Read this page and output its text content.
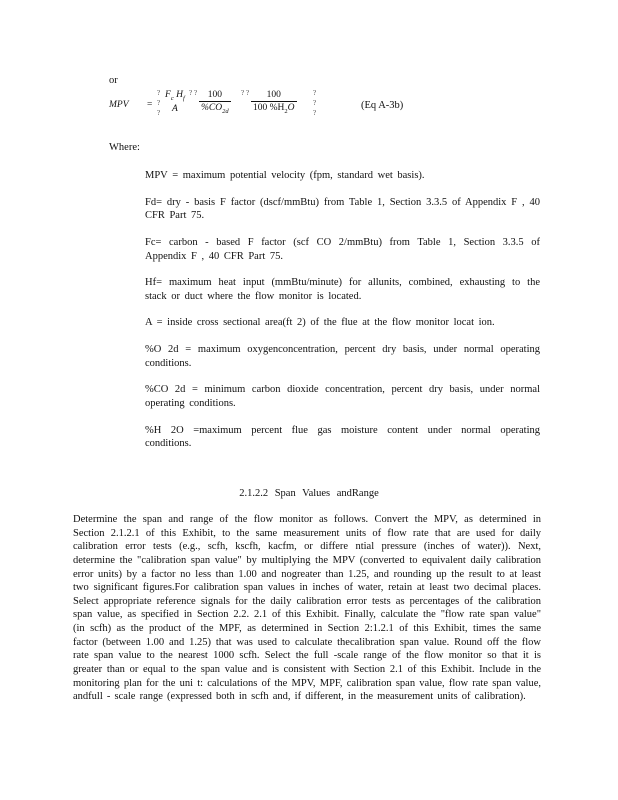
or
MPV =
?
?
?
$F_c$ $H_f$
A
? ? $\frac{100}{\%CO_{2d}}$ ? ? $\frac{100}{100 \%H_2O}$ ?
?
?
(Eq A-3b)
Where:

MPV = maximum potential velocity (fpm, standard wet basis).

Fd= dry - basis F factor (dscf/mmBtu) from Table 1, Section 3.3.5 of Appendix F , 40 CFR Part 75.

Fc= carbon - based F factor (scf CO 2/mmBtu) from Table 1, Section 3.3.5 of Appendix F , 40 CFR Part 75.

Hf= maximum heat input (mmBtu/minute) for allunits, combined, exhausting to the stack or duct where the flow monitor is located.

A = inside cross sectional area(ft 2) of the flue at the flow monitor locat ion.

%O 2d = maximum oxygenconcentration, percent dry basis, under normal operating conditions.

%CO 2d = minimum carbon dioxide concentration, percent dry basis, under normal operating conditions.

%H 2O =maximum percent flue gas moisture content under normal operating conditions.

2.1.2.2 Span Values andRange

Determine the span and range of the flow monitor as follows. Convert the MPV, as determined in Section 2.1.2.1 of this Exhibit, to the same measurement units of flow rate that are used for daily calibration error tests (e.g., scfh, kscfh, kacfm, or differe ntial pressure (inches of water)). Next, determine the "calibration span value" by multiplying the MPV (converted to equivalent daily calibration error units) by a factor no less than 1.00 and nogreater than 1.25, and rounding up the result to at least two significant figures.For calibration span values in inches of water, retain at least two decimal places. Select appropriate reference signals for the daily calibration error tests as percentages of the calibration span value, as specified in Section 2.2. 2.1 of this Exhibit. Finally, calculate the "flow rate span value" (in scfh) as the product of the MPF, as determined in Section 2:1.2.1 of this Exhibit, times the same factor (between 1.00 and 1.25) that was used to calculate thecalibration span value. Round off the flow rate span value to the nearest 1000 scfh. Select the full -scale range of the flow monitor so that it is greater than or equal to the span value and is consistent with Section 2.1 of this Exhibit. Include in the monitoring plan for the uni t: calculations of the MPV, MPF, calibration span value, flow rate span value, andfull - scale range (expressed both in scfh and, if different, in the measurement units of calibration).
